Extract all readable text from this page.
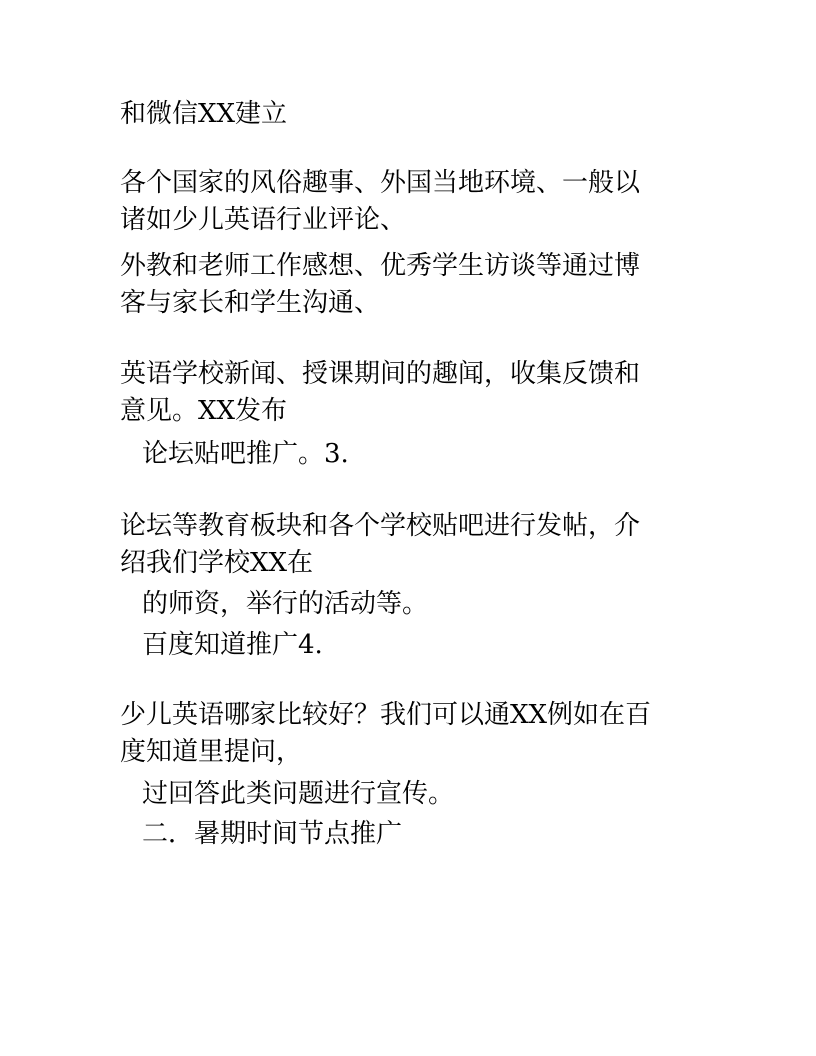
和微信XX建立
各个国家的风俗趣事、外国当地环境、一般以
诸如少儿英语行业评论、
外教和老师工作感想、优秀学生访谈等通过博
客与家长和学生沟通、
英语学校新闻、授课期间的趣闻，收集反馈和
意见。XX发布
论坛贴吧推广。3.
论坛等教育板块和各个学校贴吧进行发帖，介
绍我们学校XX在
的师资，举行的活动等。
百度知道推广4.
少儿英语哪家比较好？我们可以通XX例如在百
度知道里提问，
过回答此类问题进行宣传。
二．暑期时间节点推广
